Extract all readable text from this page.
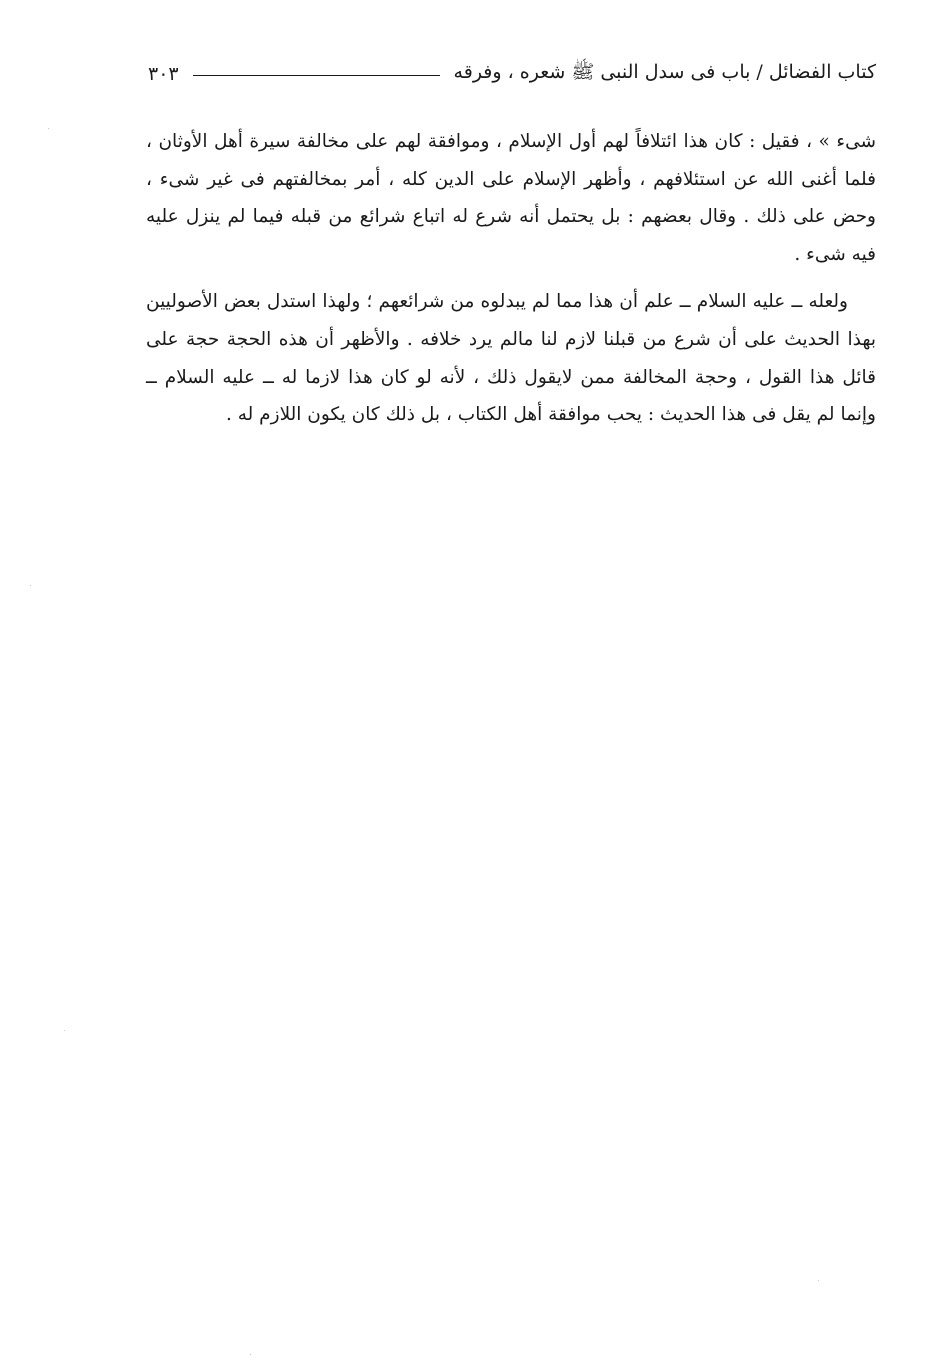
كتاب الفضائل / باب فى سدل النبى ﷺ شعره ، وفرقه
٣٠٣

شىء » ، فقيل : كان هذا ائتلافاً لهم أول الإسلام ، وموافقة لهم على مخالفة سيرة أهل الأوثان ، فلما أغنى الله عن استئلافهم ، وأظهر الإسلام على الدين كله ، أمر بمخالفتهم فى غير شىء ، وحض على ذلك . وقال بعضهم : بل يحتمل أنه شرع له اتباع شرائع من قبله فيما لم ينزل عليه فيه شىء .

ولعله ــ عليه السلام ــ علم أن هذا مما لم يبدلوه من شرائعهم ؛ ولهذا استدل بعض الأصوليين بهذا الحديث على أن شرع من قبلنا لازم لنا مالم يرد خلافه . والأظهر أن هذه الحجة حجة على قائل هذا القول ، وحجة المخالفة ممن لايقول ذلك ، لأنه لو كان هذا لازما له ــ عليه السلام ــ وإنما لم يقل فى هذا الحديث : يحب موافقة أهل الكتاب ، بل ذلك كان يكون اللازم له .
